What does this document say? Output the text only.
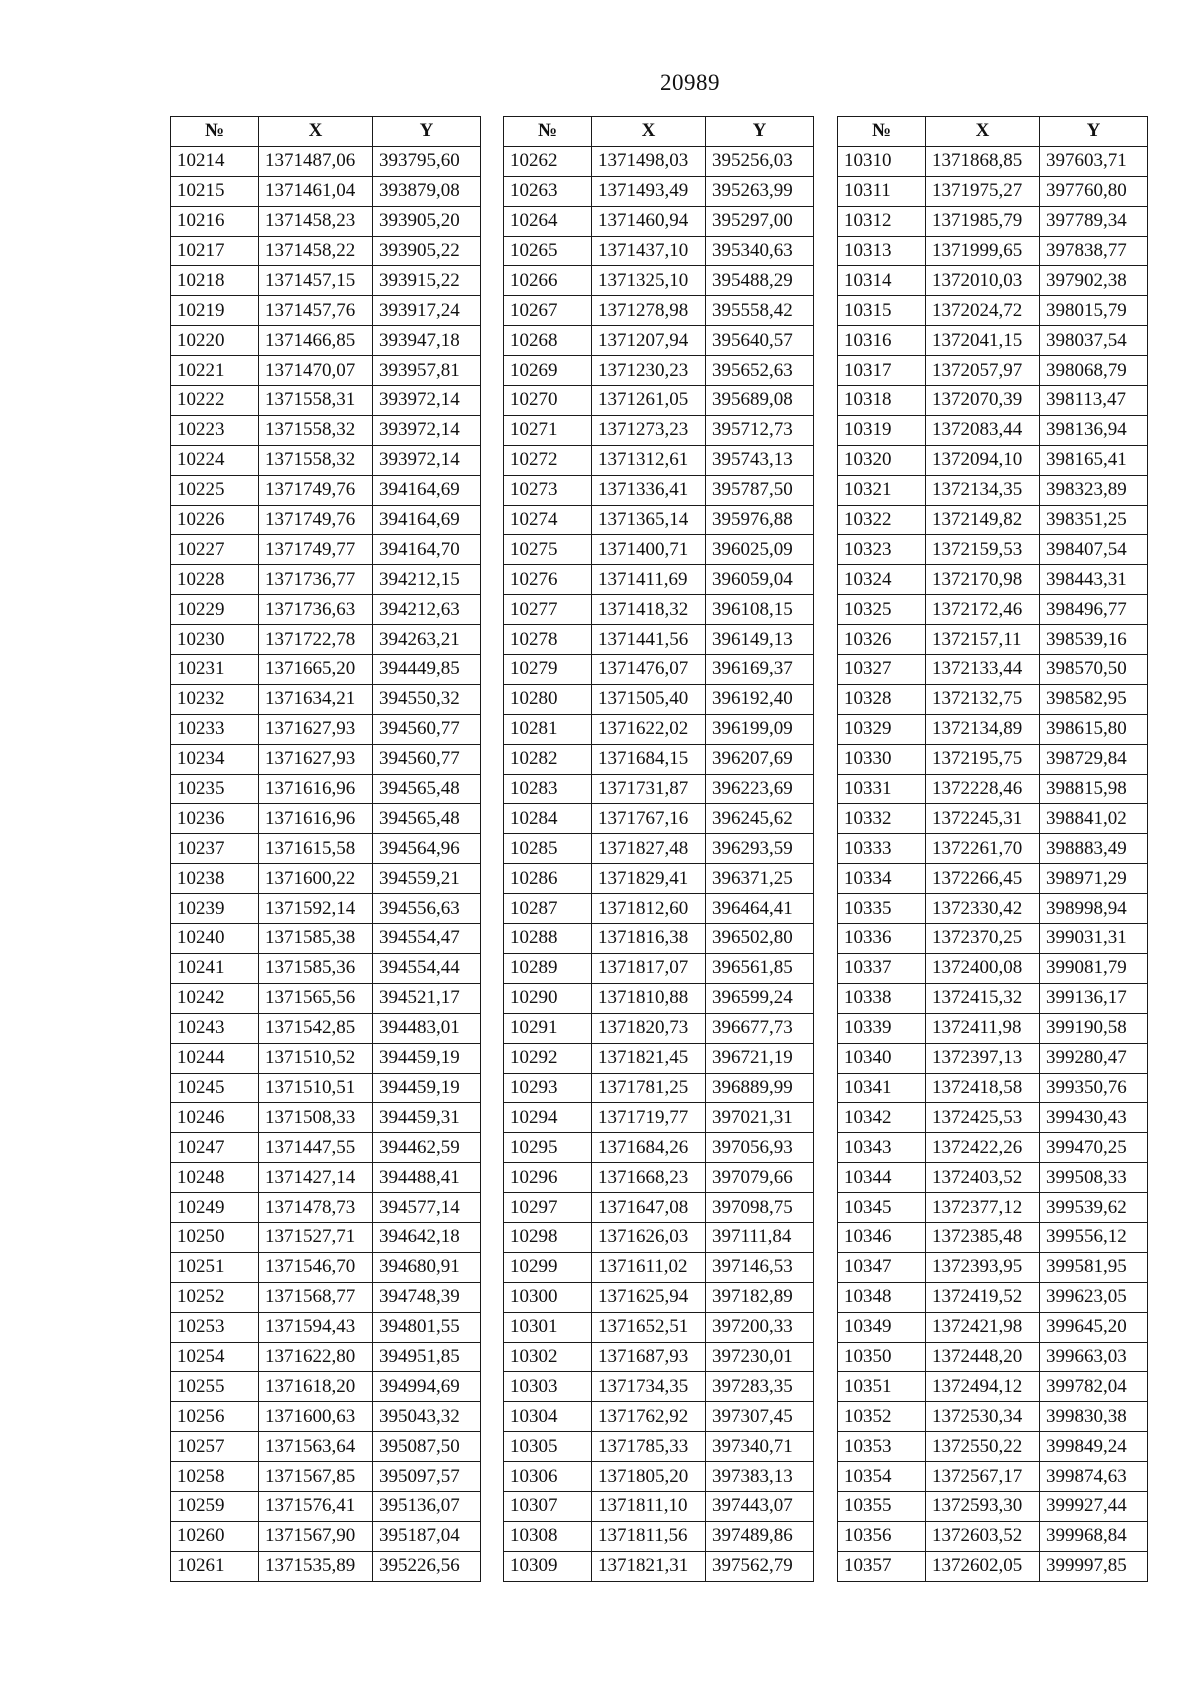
20989
№	X	Y
10214	1371487,06	393795,60
10215	1371461,04	393879,08
10216	1371458,23	393905,20
10217	1371458,22	393905,22
10218	1371457,15	393915,22
10219	1371457,76	393917,24
10220	1371466,85	393947,18
10221	1371470,07	393957,81
10222	1371558,31	393972,14
10223	1371558,32	393972,14
10224	1371558,32	393972,14
10225	1371749,76	394164,69
10226	1371749,76	394164,69
10227	1371749,77	394164,70
10228	1371736,77	394212,15
10229	1371736,63	394212,63
10230	1371722,78	394263,21
10231	1371665,20	394449,85
10232	1371634,21	394550,32
10233	1371627,93	394560,77
10234	1371627,93	394560,77
10235	1371616,96	394565,48
10236	1371616,96	394565,48
10237	1371615,58	394564,96
10238	1371600,22	394559,21
10239	1371592,14	394556,63
10240	1371585,38	394554,47
10241	1371585,36	394554,44
10242	1371565,56	394521,17
10243	1371542,85	394483,01
10244	1371510,52	394459,19
10245	1371510,51	394459,19
10246	1371508,33	394459,31
10247	1371447,55	394462,59
10248	1371427,14	394488,41
10249	1371478,73	394577,14
10250	1371527,71	394642,18
10251	1371546,70	394680,91
10252	1371568,77	394748,39
10253	1371594,43	394801,55
10254	1371622,80	394951,85
10255	1371618,20	394994,69
10256	1371600,63	395043,32
10257	1371563,64	395087,50
10258	1371567,85	395097,57
10259	1371576,41	395136,07
10260	1371567,90	395187,04
10261	1371535,89	395226,56
№	X	Y
10262	1371498,03	395256,03
10263	1371493,49	395263,99
10264	1371460,94	395297,00
10265	1371437,10	395340,63
10266	1371325,10	395488,29
10267	1371278,98	395558,42
10268	1371207,94	395640,57
10269	1371230,23	395652,63
10270	1371261,05	395689,08
10271	1371273,23	395712,73
10272	1371312,61	395743,13
10273	1371336,41	395787,50
10274	1371365,14	395976,88
10275	1371400,71	396025,09
10276	1371411,69	396059,04
10277	1371418,32	396108,15
10278	1371441,56	396149,13
10279	1371476,07	396169,37
10280	1371505,40	396192,40
10281	1371622,02	396199,09
10282	1371684,15	396207,69
10283	1371731,87	396223,69
10284	1371767,16	396245,62
10285	1371827,48	396293,59
10286	1371829,41	396371,25
10287	1371812,60	396464,41
10288	1371816,38	396502,80
10289	1371817,07	396561,85
10290	1371810,88	396599,24
10291	1371820,73	396677,73
10292	1371821,45	396721,19
10293	1371781,25	396889,99
10294	1371719,77	397021,31
10295	1371684,26	397056,93
10296	1371668,23	397079,66
10297	1371647,08	397098,75
10298	1371626,03	397111,84
10299	1371611,02	397146,53
10300	1371625,94	397182,89
10301	1371652,51	397200,33
10302	1371687,93	397230,01
10303	1371734,35	397283,35
10304	1371762,92	397307,45
10305	1371785,33	397340,71
10306	1371805,20	397383,13
10307	1371811,10	397443,07
10308	1371811,56	397489,86
10309	1371821,31	397562,79
№	X	Y
10310	1371868,85	397603,71
10311	1371975,27	397760,80
10312	1371985,79	397789,34
10313	1371999,65	397838,77
10314	1372010,03	397902,38
10315	1372024,72	398015,79
10316	1372041,15	398037,54
10317	1372057,97	398068,79
10318	1372070,39	398113,47
10319	1372083,44	398136,94
10320	1372094,10	398165,41
10321	1372134,35	398323,89
10322	1372149,82	398351,25
10323	1372159,53	398407,54
10324	1372170,98	398443,31
10325	1372172,46	398496,77
10326	1372157,11	398539,16
10327	1372133,44	398570,50
10328	1372132,75	398582,95
10329	1372134,89	398615,80
10330	1372195,75	398729,84
10331	1372228,46	398815,98
10332	1372245,31	398841,02
10333	1372261,70	398883,49
10334	1372266,45	398971,29
10335	1372330,42	398998,94
10336	1372370,25	399031,31
10337	1372400,08	399081,79
10338	1372415,32	399136,17
10339	1372411,98	399190,58
10340	1372397,13	399280,47
10341	1372418,58	399350,76
10342	1372425,53	399430,43
10343	1372422,26	399470,25
10344	1372403,52	399508,33
10345	1372377,12	399539,62
10346	1372385,48	399556,12
10347	1372393,95	399581,95
10348	1372419,52	399623,05
10349	1372421,98	399645,20
10350	1372448,20	399663,03
10351	1372494,12	399782,04
10352	1372530,34	399830,38
10353	1372550,22	399849,24
10354	1372567,17	399874,63
10355	1372593,30	399927,44
10356	1372603,52	399968,84
10357	1372602,05	399997,85
